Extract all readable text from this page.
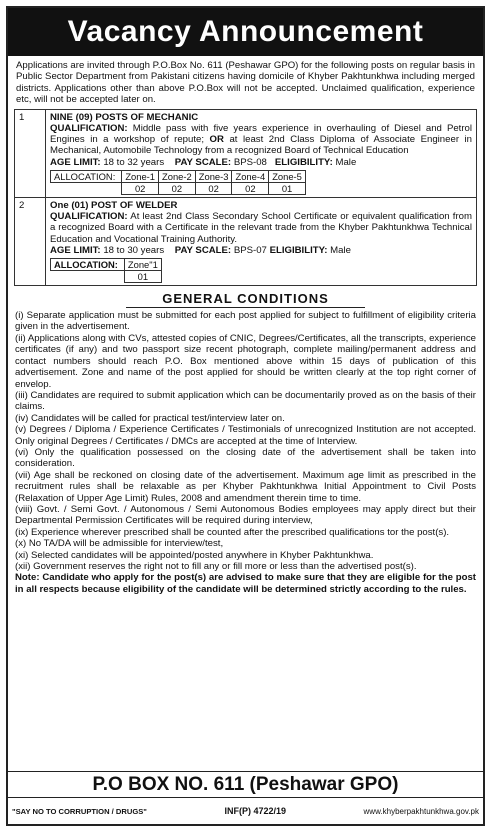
Vacancy Announcement
Applications are invited through P.O.Box No. 611 (Peshawar GPO) for the following posts on regular basis in Public Sector Department from Pakistani citizens having domicile of Khyber Pakhtunkhwa including merged districts. Applications other than above P.O.Box will not be accepted. Unclaimed qualification, experience etc, will not be accepted later on.
1	NINE (09) POSTS OF MECHANIC
QUALIFICATION: Middle pass with five years experience in overhauling of Diesel and Petrol Engines in a workshop of repute; OR at least 2nd Class Diploma of Associate Engineer in Mechanical, Automobile Technology from a recognized Board of Technical Education
AGE LIMIT: 18 to 32 years PAY SCALE: BPS-08 ELIGIBILITY: Male
ALLOCATION:	Zone-1	Zone-2	Zone-3	Zone-4	Zone-5
	02	02	02	02	01

2	One (01) POST OF WELDER
QUALIFICATION: At least 2nd Class Secondary School Certificate or equivalent qualification from a recognized Board with a Certificate in the relevant trade from the Khyber Pakhtunkhwa Technical Education and Vocational Training Authority.
AGE LIMIT: 18 to 30 years PAY SCALE: BPS-07 ELIGIBILITY: Male
ALLOCATION:	Zone"1
	01
GENERAL CONDITIONS

(i) Separate application must be submitted for each post applied for subject to fulfillment of eligibility criteria given in the advertisement.

(ii) Applications along with CVs, attested copies of CNIC, Degrees/Certificates, all the transcripts, experience certificates (if any) and two passport size recent photograph, complete mailing/permanent address and contact numbers should reach P.O. Box mentioned above within 15 days of publication of this advertisement. Zone and name of the post applied for should be written clearly at the top right corner of envelop.

(iii) Candidates are required to submit application which can be documentarily proved as on the basis of their claims.

(iv) Candidates will be called for practical test/interview later on.

(v) Degrees / Diploma / Experience Certificates / Testimonials of unrecognized Institution are not accepted. Only original Degrees / Certificates / DMCs are accepted at the time of Interview.

(vi) Only the qualification possessed on the closing date of the advertisement shall be taken into consideration.

(vii) Age shall be reckoned on closing date of the advertisement. Maximum age limit as prescribed in the recruitment rules shall be relaxable as per Khyber Pakhtunkhwa Initial Appointment to Civil Posts (Relaxation of Upper Age Limit) Rules, 2008 and amendment therein time to time.

(viii) Govt. / Semi Govt. / Autonomous / Semi Autonomous Bodies employees may apply direct but their Departmental Permission Certificates will be required during interview,

(ix) Experience wherever prescribed shall be counted after the prescribed qualifications tor the post(s).

(x) No TA/DA will be admissible for interview/test,

(xi) Selected candidates will be appointed/posted anywhere in Khyber Pakhtunkhwa.

(xii) Government reserves the right not to fill any or fill more or less than the advertised post(s).

Note: Candidate who apply for the post(s) are advised to make sure that they are eligible for the post in all respects because eligibility of the candidate will be determined strictly according to the rules.

P.O BOX NO. 611 (Peshawar GPO)
"SAY NO TO CORRUPTION / DRUGS"	INF(P) 4722/19	www.khyberpakhtunkhwa.gov.pk
